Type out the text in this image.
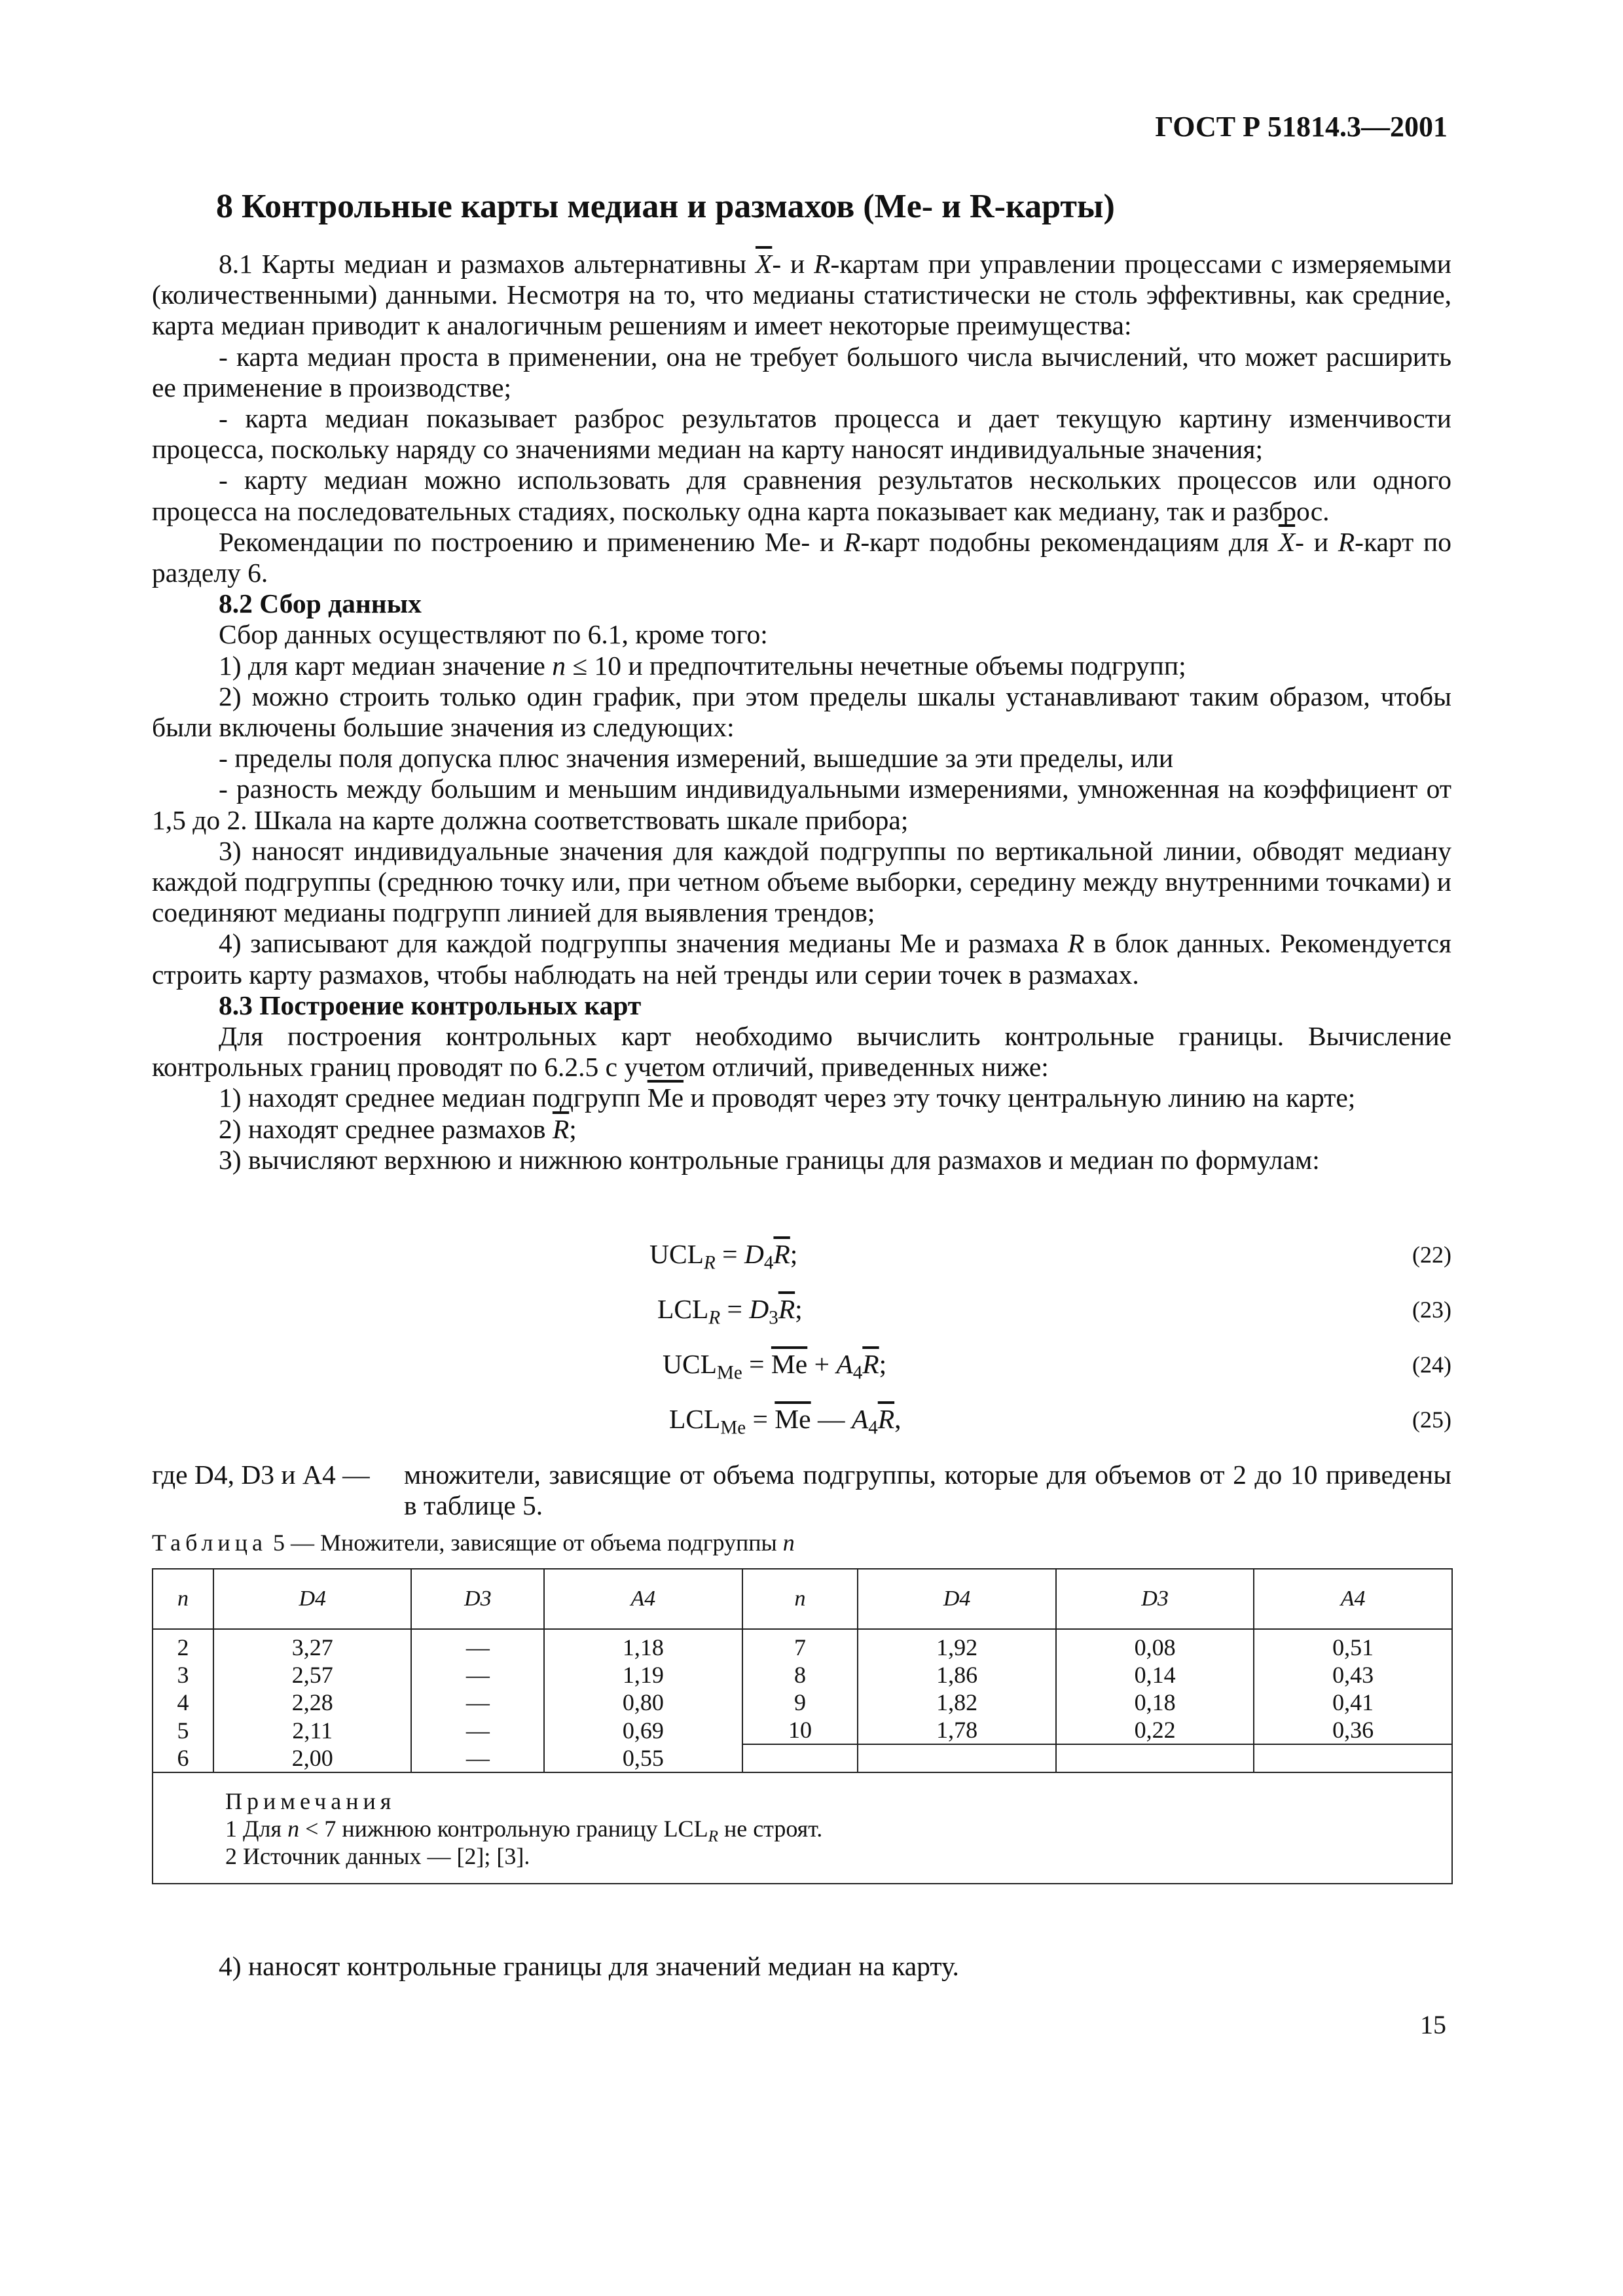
ГОСТ Р 51814.3—2001
8 Контрольные карты медиан и размахов (Me- и R-карты)

8.1 Карты медиан и размахов альтернативны $\overline{X}-$ и R-картам при управлении процессами с измеряемыми (количественными) данными. Несмотря на то, что медианы статистически не столь эффективны, как средние, карта медиан приводит к аналогичным решениям и имеет некоторые преимущества:

- карта медиан проста в применении, она не требует большого числа вычислений, что может расширить ее применение в производстве;

- карта медиан показывает разброс результатов процесса и дает текущую картину изменчивости процесса, поскольку наряду со значениями медиан на карту наносят индивидуальные значения;

- карту медиан можно использовать для сравнения результатов нескольких процессов или одного процесса на последовательных стадиях, поскольку одна карта показывает как медиану, так и разброс.

Рекомендации по построению и применению Me- и R-карт подобны рекомендациям для $\overline{X}-$ и R-карт по разделу 6.

8.2 Сбор данных

Сбор данных осуществляют по 6.1, кроме того:

1) для карт медиан значение n ≤ 10 и предпочтительны нечетные объемы подгрупп;

2) можно строить только один график, при этом пределы шкалы устанавливают таким образом, чтобы были включены большие значения из следующих:

- пределы поля допуска плюс значения измерений, вышедшие за эти пределы, или

- разность между большим и меньшим индивидуальными измерениями, умноженная на коэффициент от 1,5 до 2. Шкала на карте должна соответствовать шкале прибора;

3) наносят индивидуальные значения для каждой подгруппы по вертикальной линии, обводят медиану каждой подгруппы (среднюю точку или, при четном объеме выборки, середину между внутренними точками) и соединяют медианы подгрупп линией для выявления трендов;

4) записывают для каждой подгруппы значения медианы Me и размаха R в блок данных. Рекомендуется строить карту размахов, чтобы наблюдать на ней тренды или серии точек в размахах.

8.3 Построение контрольных карт

Для построения контрольных карт необходимо вычислить контрольные границы. Вычисление контрольных границ проводят по 6.2.5 с учетом отличий, приведенных ниже:

1) находят среднее медиан подгрупп $\overline{Me}$ и проводят через эту точку центральную линию на карте;

2) находят среднее размахов $\overline{R}$;

3) вычисляют верхнюю и нижнюю контрольные границы для размахов и медиан по формулам:

$UCL_R = D_4\overline{R}$;	(22)
$LCL_R = D_3\overline{R}$;	(23)
$UCL_{Me} = \overline{Me} + A_4\overline{R}$;	(24)
$LCL_{Me} = \overline{Me}$ — $A_4\overline{R}$,	(25)
где D4, D3 и A4 — множители, зависящие от объема подгруппы, которые для объемов от 2 до 10 приведены в таблице 5.
Таблица 5 — Множители, зависящие от объема подгруппы n
n	D4	D3	A4	n	D4	D3	A4
2	3,27	—	1,18	7	1,92	0,08	0,51
3	2,57	—	1,19	8	1,86	0,14	0,43
4	2,28	—	0,80	9	1,82	0,18	0,41
5	2,11	—	0,69	10	1,78	0,22	0,36
6	2,00	—	0,55				

Примечания
1 Для n < 7 нижнюю контрольную границу $LCL_R$ не строят.
2 Источник данных — [2]; [3].							
4) наносят контрольные границы для значений медиан на карту.
15
